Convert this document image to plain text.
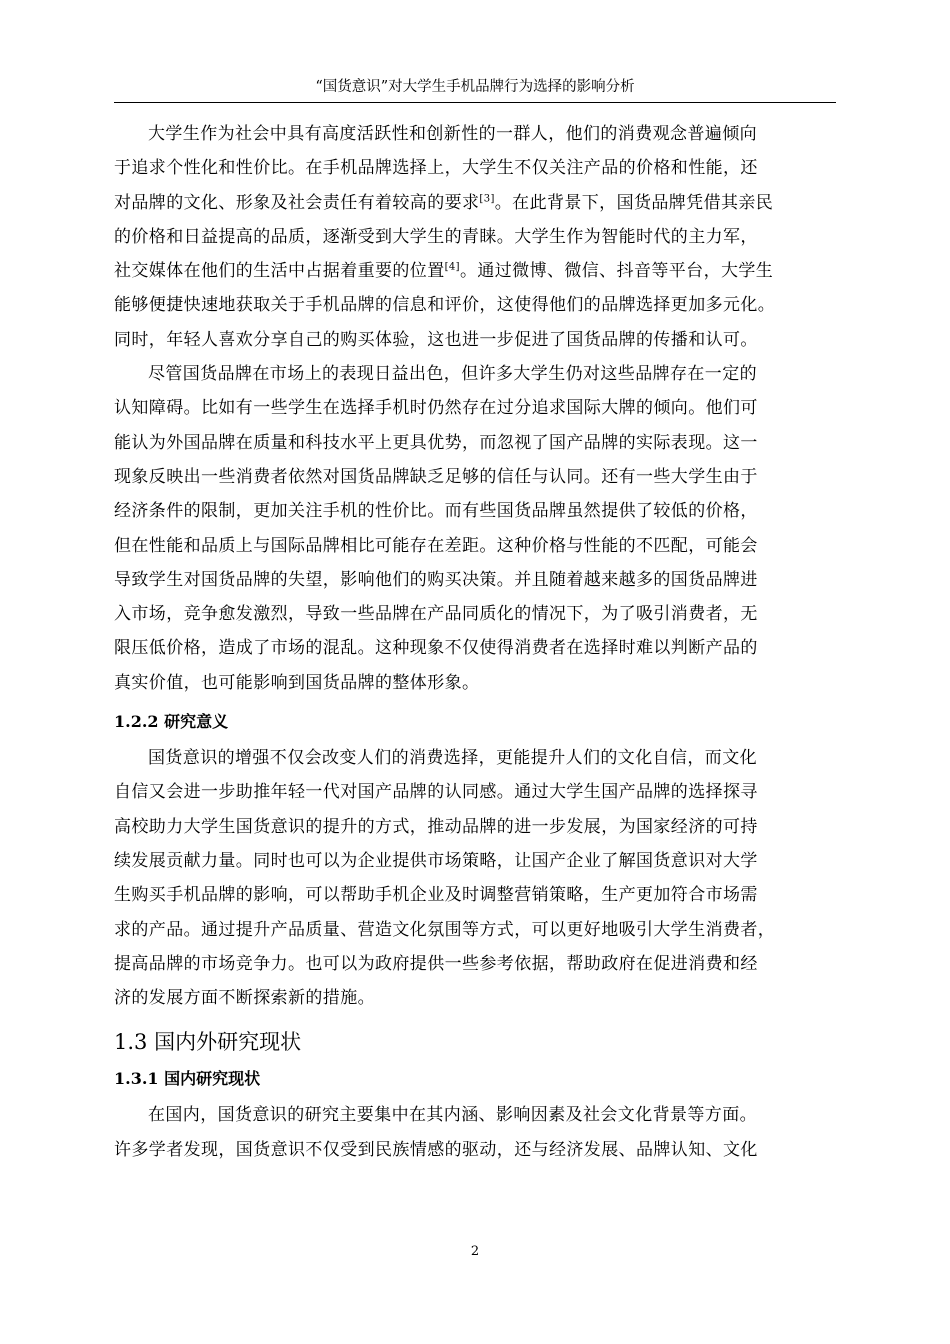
“国货意识”对大学生手机品牌行为选择的影响分析

大学生作为社会中具有高度活跃性和创新性的一群人，他们的消费观念普遍倾向
于追求个性化和性价比。在手机品牌选择上，大学生不仅关注产品的价格和性能，还
对品牌的文化、形象及社会责任有着较高的要求[3]。在此背景下，国货品牌凭借其亲民
的价格和日益提高的品质，逐渐受到大学生的青睐。大学生作为智能时代的主力军，
社交媒体在他们的生活中占据着重要的位置[4]。通过微博、微信、抖音等平台，大学生
能够便捷快速地获取关于手机品牌的信息和评价，这使得他们的品牌选择更加多元化。
同时，年轻人喜欢分享自己的购买体验，这也进一步促进了国货品牌的传播和认可。

尽管国货品牌在市场上的表现日益出色，但许多大学生仍对这些品牌存在一定的
认知障碍。比如有一些学生在选择手机时仍然存在过分追求国际大牌的倾向。他们可
能认为外国品牌在质量和科技水平上更具优势，而忽视了国产品牌的实际表现。这一
现象反映出一些消费者依然对国货品牌缺乏足够的信任与认同。还有一些大学生由于
经济条件的限制，更加关注手机的性价比。而有些国货品牌虽然提供了较低的价格，
但在性能和品质上与国际品牌相比可能存在差距。这种价格与性能的不匹配，可能会
导致学生对国货品牌的失望，影响他们的购买决策。并且随着越来越多的国货品牌进
入市场，竞争愈发激烈，导致一些品牌在产品同质化的情况下，为了吸引消费者，无
限压低价格，造成了市场的混乱。这种现象不仅使得消费者在选择时难以判断产品的
真实价值，也可能影响到国货品牌的整体形象。

1.2.2 研究意义

国货意识的增强不仅会改变人们的消费选择，更能提升人们的文化自信，而文化
自信又会进一步助推年轻一代对国产品牌的认同感。通过大学生国产品牌的选择探寻
高校助力大学生国货意识的提升的方式，推动品牌的进一步发展，为国家经济的可持
续发展贡献力量。同时也可以为企业提供市场策略，让国产企业了解国货意识对大学
生购买手机品牌的影响，可以帮助手机企业及时调整营销策略，生产更加符合市场需
求的产品。通过提升产品质量、营造文化氛围等方式，可以更好地吸引大学生消费者，
提高品牌的市场竞争力。也可以为政府提供一些参考依据，帮助政府在促进消费和经
济的发展方面不断探索新的措施。

1.3 国内外研究现状
1.3.1 国内研究现状

在国内，国货意识的研究主要集中在其内涵、影响因素及社会文化背景等方面。
许多学者发现，国货意识不仅受到民族情感的驱动，还与经济发展、品牌认知、文化

2
